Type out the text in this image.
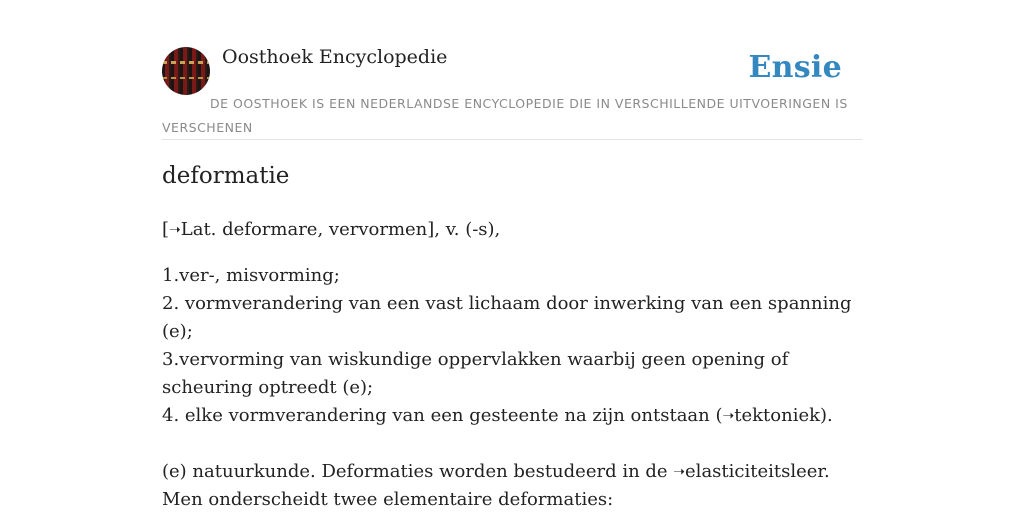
Oosthoek Encyclopedie	Ensie
DE OOSTHOEK IS EEN NEDERLANDSE ENCYCLOPEDIE DIE IN VERSCHILLENDE UITVOERINGEN IS VERSCHENEN
deformatie

[➝Lat. deformare, vervormen], v. (-s),

1.ver-, misvorming;

2. vormverandering van een vast lichaam door inwerking van een spanning (e);

3.vervorming van wiskundige oppervlakken waarbij geen opening of scheuring optreedt (e);

4. elke vormverandering van een gesteente na zijn ontstaan (➝tektoniek).

(e) natuurkunde. Deformaties worden bestudeerd in de ➝elasticiteitsleer. Men onderscheidt twee elementaire deformaties:
